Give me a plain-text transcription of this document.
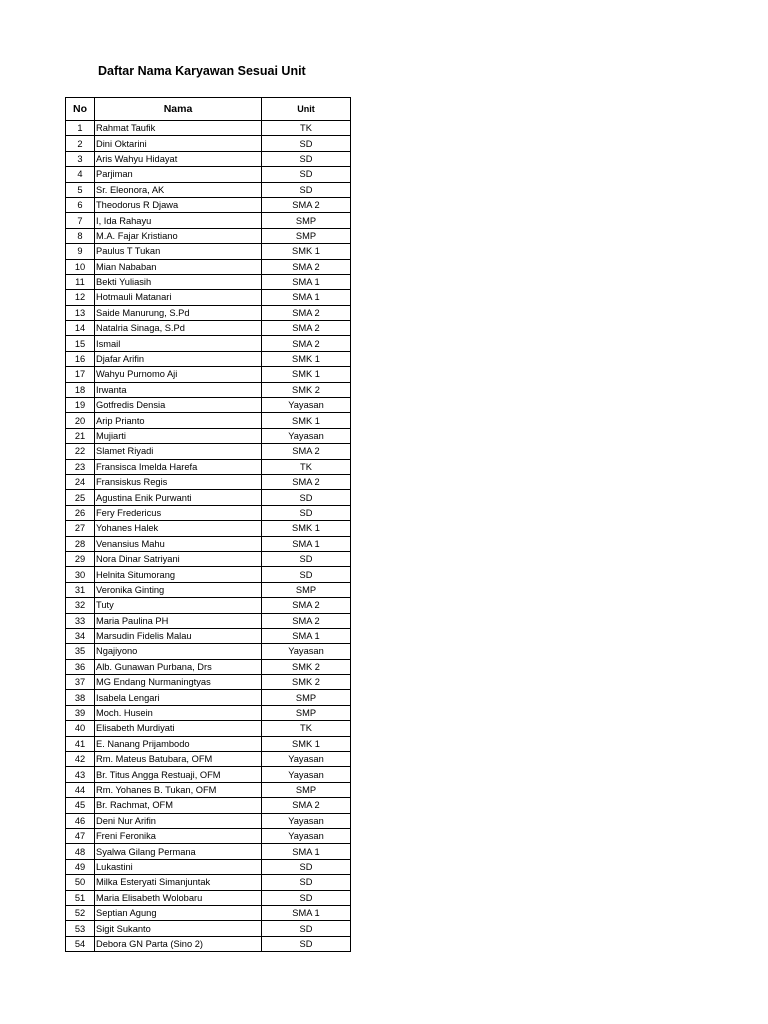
Daftar Nama Karyawan Sesuai Unit
No	Nama	Unit
1	Rahmat Taufik	TK
2	Dini Oktarini	SD
3	Aris Wahyu Hidayat	SD
4	Parjiman	SD
5	Sr. Eleonora, AK	SD
6	Theodorus R Djawa	SMA 2
7	I, Ida Rahayu	SMP
8	M.A. Fajar Kristiano	SMP
9	Paulus T Tukan	SMK 1
10	Mian Nababan	SMA 2
11	Bekti Yuliasih	SMA 1
12	Hotmauli Matanari	SMA 1
13	Saide Manurung, S.Pd	SMA 2
14	Natalria Sinaga, S.Pd	SMA 2
15	Ismail	SMA 2
16	Djafar Arifin	SMK 1
17	Wahyu Purnomo Aji	SMK 1
18	Irwanta	SMK 2
19	Gotfredis Densia	Yayasan
20	Arip Prianto	SMK 1
21	Mujiarti	Yayasan
22	Slamet Riyadi	SMA 2
23	Fransisca Imelda Harefa	TK
24	Fransiskus Regis	SMA 2
25	Agustina Enik Purwanti	SD
26	Fery Fredericus	SD
27	Yohanes Halek	SMK 1
28	Venansius Mahu	SMA 1
29	Nora Dinar Satriyani	SD
30	Helnita Situmorang	SD
31	Veronika Ginting	SMP
32	Tuty	SMA 2
33	Maria Paulina PH	SMA 2
34	Marsudin Fidelis Malau	SMA 1
35	Ngajiyono	Yayasan
36	Alb. Gunawan Purbana, Drs	SMK 2
37	MG Endang Nurmaningtyas	SMK 2
38	Isabela Lengari	SMP
39	Moch. Husein	SMP
40	Elisabeth Murdiyati	TK
41	E. Nanang Prijambodo	SMK 1
42	Rm. Mateus Batubara, OFM	Yayasan
43	Br. Titus Angga Restuaji, OFM	Yayasan
44	Rm. Yohanes B. Tukan, OFM	SMP
45	Br. Rachmat, OFM	SMA 2
46	Deni Nur Arifin	Yayasan
47	Freni Feronika	Yayasan
48	Syalwa Gilang Permana	SMA 1
49	Lukastini	SD
50	Milka Esteryati Simanjuntak	SD
51	Maria Elisabeth Wolobaru	SD
52	Septian Agung	SMA 1
53	Sigit Sukanto	SD
54	Debora GN Parta (Sino 2)	SD
